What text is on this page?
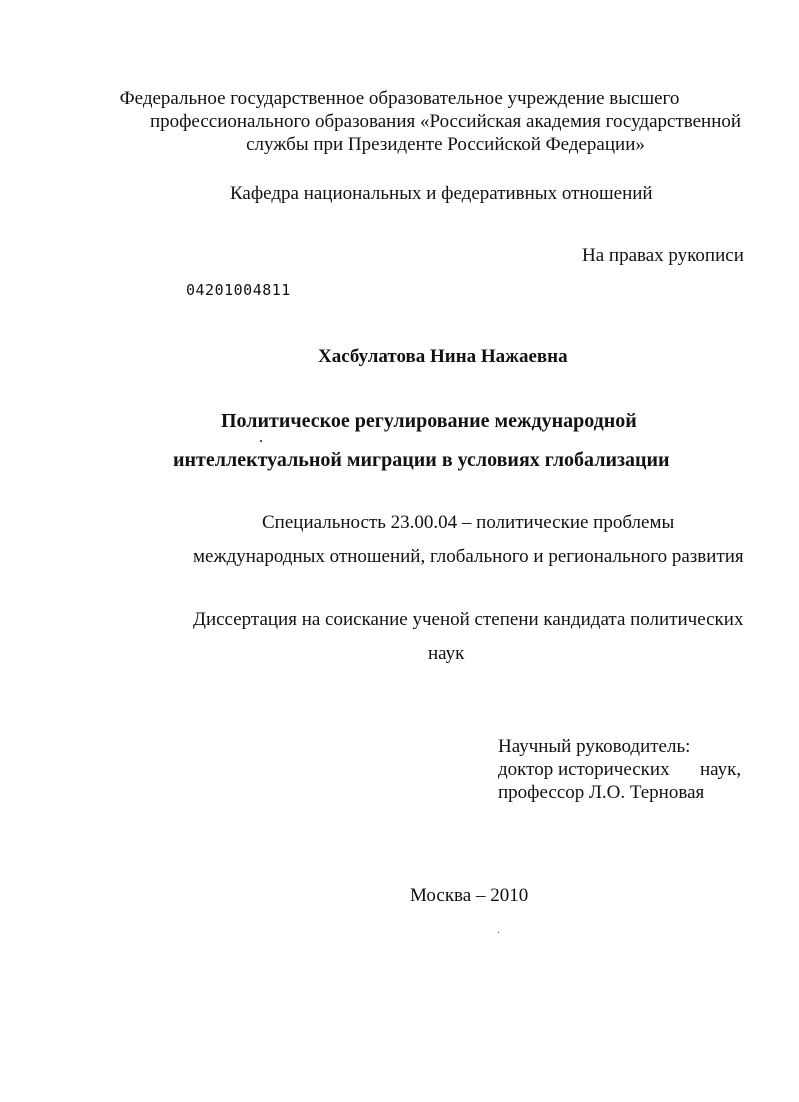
Федеральное государственное образовательное учреждение высшего
профессионального образования «Российская академия государственной
службы при Президенте Российской Федерации»
Кафедра национальных и федеративных отношений
На правах рукописи
04201004811
Хасбулатова Нина Нажаевна
Политическое регулирование международной
интеллектуальной миграции в условиях глобализации
Специальность 23.00.04 – политические проблемы
международных отношений, глобального и регионального развития
Диссертация на соискание ученой степени кандидата политических
наук
Научный руководитель:
доктор исторических наук,
профессор Л.О. Терновая
Москва – 2010
